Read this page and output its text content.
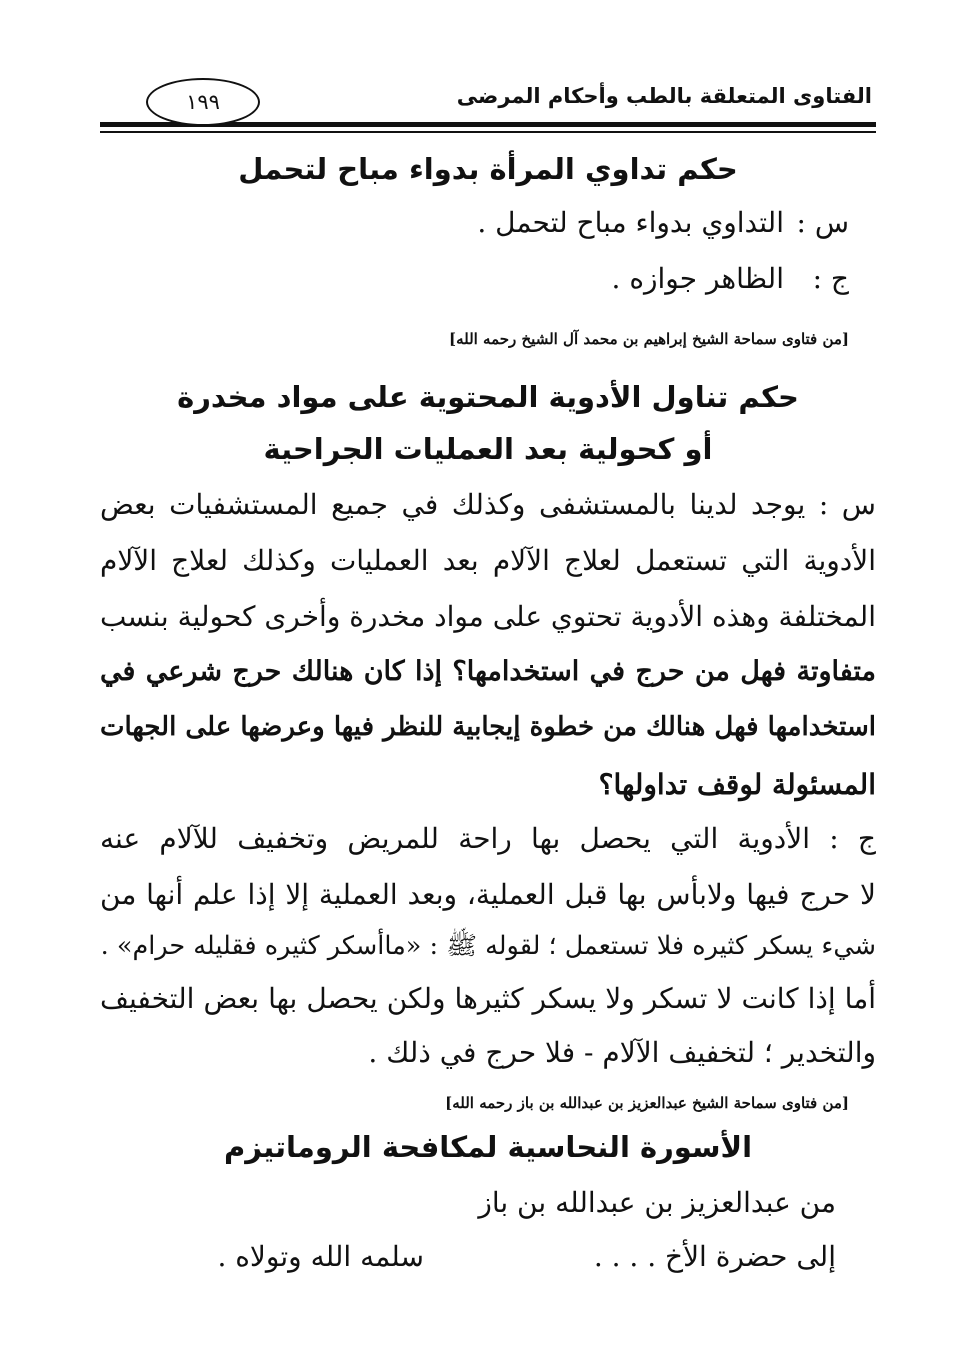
الفتاوى المتعلقة بالطب وأحكام المرضى
١٩٩
حكم تداوي المرأة بدواء مباح لتحمل
س :
التداوي بدواء مباح لتحمل .
ج :
الظاهر جوازه .
[من فتاوى سماحة الشيخ إبراهيم بن محمد آل الشيخ رحمه الله]
حكم تناول الأدوية المحتوية على مواد مخدرة
أو كحولية بعد العمليات الجراحية
س : يوجد لدينا بالمستشفى وكذلك في جميع المستشفيات بعض
الأدوية التي تستعمل لعلاج الآلام بعد العمليات وكذلك لعلاج الآلام
المختلفة وهذه الأدوية تحتوي على مواد مخدرة وأخرى كحولية بنسب
متفاوتة فهل من حرج في استخدامها؟ إذا كان هنالك حرج شرعي في
استخدامها فهل هنالك من خطوة إيجابية للنظر فيها وعرضها على الجهات
المسئولة لوقف تداولها؟
ج : الأدوية التي يحصل بها راحة للمريض وتخفيف للآلام عنه
لا حرج فيها ولابأس بها قبل العملية، وبعد العملية إلا إذا علم أنها من
شيء يسكر كثيره فلا تستعمل ؛ لقوله ﷺ : «ماأسكر كثيره فقليله حرام» .
أما إذا كانت لا تسكر ولا يسكر كثيرها ولكن يحصل بها بعض التخفيف
والتخدير ؛ لتخفيف الآلام - فلا حرج في ذلك .
[من فتاوى سماحة الشيخ عبدالعزيز بن عبدالله بن باز رحمه الله]
الأسورة النحاسية لمكافحة الروماتيزم
من عبدالعزيز بن عبدالله بن باز
إلى حضرة الأخ . . . .
سلمه الله وتولاه .
